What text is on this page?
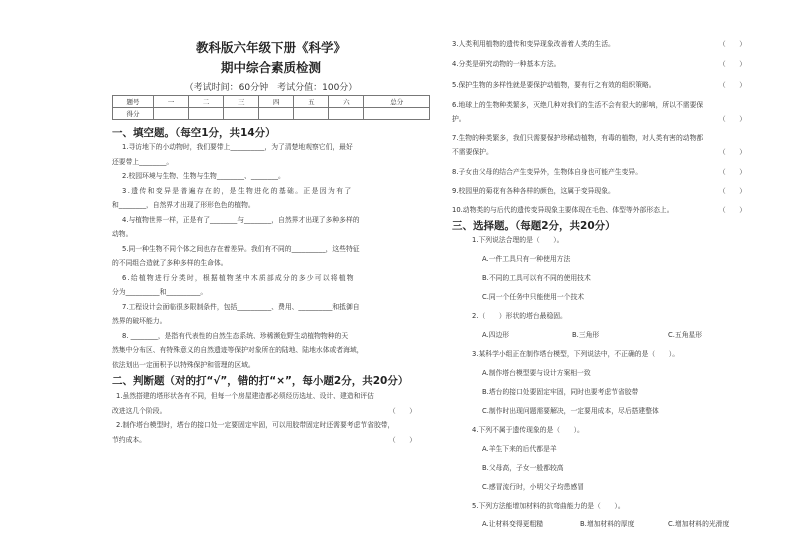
教科版六年级下册《科学》
期中综合素质检测
（考试时间：60分钟　考试分值：100分）
题号	一	二	三	四	五	六	总分
得分							
一、填空题。（每空1分，共14分）

1.寻访地下的小动物时，我们要带上__________，为了清楚地观察它们，最好

还要带上________。

2.校园环境与生物、生物与生物________、________。

3.遗传和变异是普遍存在的，是生物进化的基础。正是因为有了

和________，自然界才出现了形形色色的植物。

4.与植物世界一样，正是有了________与________，自然界才出现了多种多样的

动物。

5.同一种生物不同个体之间也存在着差异。我们有不同的__________，这些特征

的不同组合造就了多种多样的生命体。

6.给植物进行分类时，根据植物茎中木质部成分的多少可以将植物

分为__________和__________。

7.工程设计会面临很多限制条件，包括__________、费用、__________和抵御自

然界的破坏能力。

8. ________，是指有代表性的自然生态系统、珍稀濒危野生动植物物种的天

然集中分布区、有特殊意义的自然遗迹等保护对象所在的陆地、陆地水体或者海域，

依法划出一定面积予以特殊保护和管理的区域。

二、判断题（对的打“√”，错的打“×”，每小题2分，共20分）

1.虽然搭建的塔形状各有不同，但每一个房屋建造都必须经历选址、设计、建造和评估

改进这几个阶段。	（　　）

2.制作塔台模型时，塔台的接口处一定要固定牢固，可以用胶带固定时还需要考虑节省胶带，

节约成本。	（　　）

3.人类利用植物的遗传和变异现象改善着人类的生活。	（　　）
4.分类是研究动物的一种基本方法。	（　　）
5.保护生物的多样性就是要保护动植物，要有行之有效的组织策略。	（　　）
6.地球上的生物种类繁多，灭绝几种对我们的生活不会有很大的影响，所以不需要保
护。	（　　）
7.生物的种类繁多，我们只需要保护珍稀动植物，有毒的植物，对人类有害的动物都
不需要保护。	（　　）
8.子女由父母的结合产生变异外，生物体自身也可能产生变异。	（　　）
9.校园里的菊花有各种各样的颜色，这属于变异现象。	（　　）
10.动物类的与后代的遗传变异现象主要体现在毛色、体型等外部形态上。	（　　）
三、选择题。（每题2分，共20分）
1.下列说法合理的是（　　）。
A.一件工具只有一种使用方法
B.不同的工具可以有不同的使用技术
C.同一个任务中只能使用一个技术
2.（　　）形状的塔台最稳固。
A.四边形	B.三角形	C.五角星形
3.某科学小组正在制作塔台模型，下列说法中，不正确的是（　　）。
A.制作塔台模型要与设计方案相一致
B.塔台的接口处要固定牢固，同时也要考虑节省胶带
C.制作时出现问题需要解决，一定要用成本，尽后搭建整体
4.下列不属于遗传现象的是（　　）。
A.羊生下来的后代都是羊
B.父母高，子女一般都较高
C.感冒流行时，小明父子均患感冒
5.下列方法能增加材料的抗弯曲能力的是（　　）。
A.让材料变得更粗糙	B.增加材料的厚度	C.增加材料的光滑度
